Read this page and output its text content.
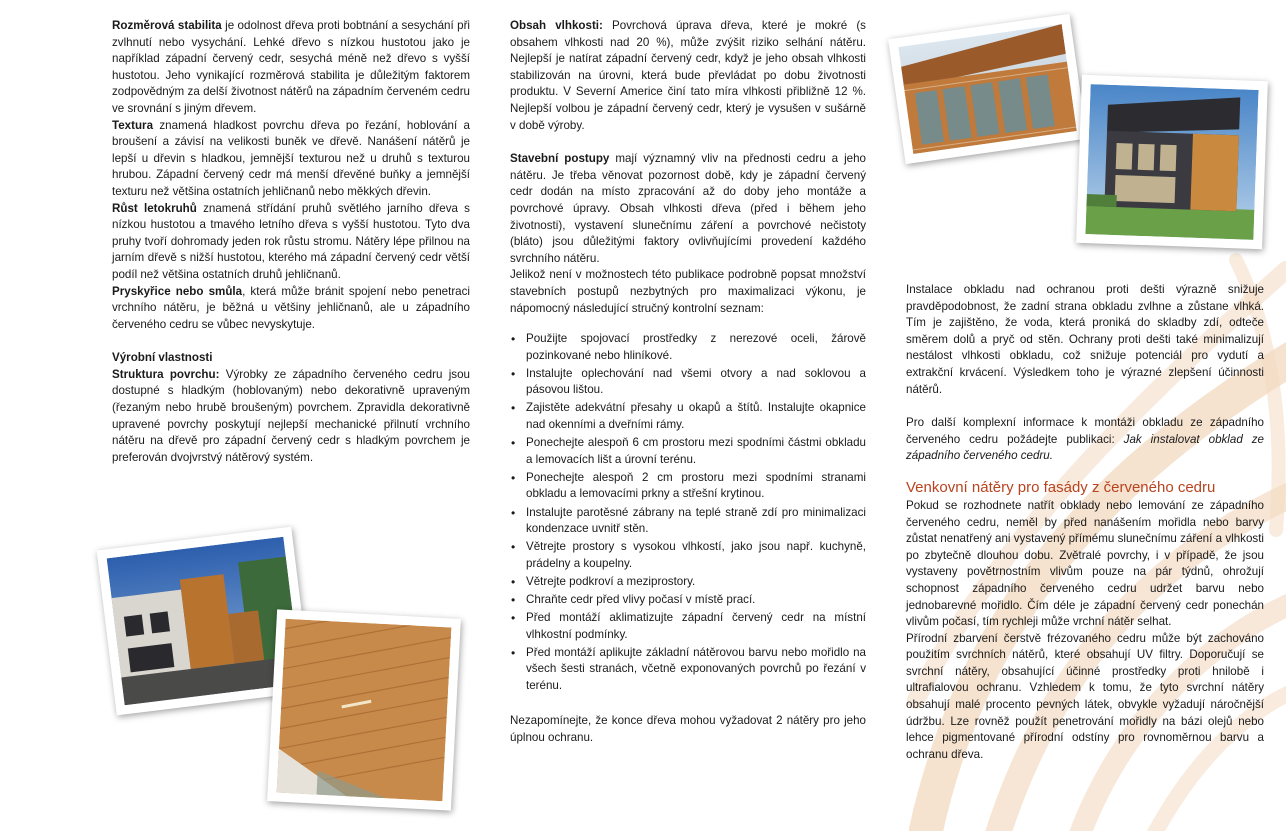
Rozměrová stabilita je odolnost dřeva proti bobtnání a sesychání při zvlhnutí nebo vysychání. Lehké dřevo s nízkou hustotou jako je například západní červený cedr, sesychá méně než dřevo s vyšší hustotou. Jeho vynikající rozměrová stabilita je důležitým faktorem zodpovědným za delší životnost nátěrů na západním červeném cedru ve srovnání s jiným dřevem.

Textura znamená hladkost povrchu dřeva po řezání, hoblování a broušení a závisí na velikosti buněk ve dřevě. Nanášení nátěrů je lepší u dřevin s hladkou, jemnější texturou než u druhů s texturou hrubou. Západní červený cedr má menší dřevěné buňky a jemnější texturu než většina ostatních jehličnanů nebo měkkých dřevin.

Růst letokruhů znamená střídání pruhů světlého jarního dřeva s nízkou hustotou a tmavého letního dřeva s vyšší hustotou. Tyto dva pruhy tvoří dohromady jeden rok růstu stromu. Nátěry lépe přilnou na jarním dřevě s nižší hustotou, kterého má západní červený cedr větší podíl než většina ostatních druhů jehličnanů.

Pryskyřice nebo smůla, která může bránit spojení nebo penetraci vrchního nátěru, je běžná u většiny jehličnanů, ale u západního červeného cedru se vůbec nevyskytuje.

Výrobní vlastnosti

Struktura povrchu: Výrobky ze západního červeného cedru jsou dostupné s hladkým (hoblovaným) nebo dekorativně upraveným (řezaným nebo hrubě broušeným) povrchem. Zpravidla dekorativně upravené povrchy poskytují nejlepší mechanické přilnutí vrchního nátěru na dřevě pro západní červený cedr s hladkým povrchem je preferován dvojvrstvý nátěrový systém.

Obsah vlhkosti: Povrchová úprava dřeva, které je mokré (s obsahem vlhkosti nad 20 %), může zvýšit riziko selhání nátěru. Nejlepší je natírat západní červený cedr, když je jeho obsah vlhkosti stabilizován na úrovni, která bude převládat po dobu životnosti produktu. V Severní Americe činí tato míra vlhkosti přibližně 12 %. Nejlepší volbou je západní červený cedr, který je vysušen v sušárně v době výroby.

Stavební postupy mají významný vliv na přednosti cedru a jeho nátěru. Je třeba věnovat pozornost době, kdy je západní červený cedr dodán na místo zpracování až do doby jeho montáže a povrchové úpravy. Obsah vlhkosti dřeva (před i během jeho životnosti), vystavení slunečnímu záření a povrchové nečistoty (bláto) jsou důležitými faktory ovlivňujícími provedení každého svrchního nátěru.

Jelikož není v možnostech této publikace podrobně popsat množství stavebních postupů nezbytných pro maximalizaci výkonu, je nápomocný následující stručný kontrolní seznam:

• Použijte spojovací prostředky z nerezové oceli, žárově pozinkované nebo hliníkové.
• Instalujte oplechování nad všemi otvory a nad soklovou a pásovou lištou.
• Zajistěte adekvátní přesahy u okapů a štítů. Instalujte okapnice nad okenními a dveřními rámy.
• Ponechejte alespoň 6 cm prostoru mezi spodními částmi obkladu a lemovacích lišt a úrovní terénu.
• Ponechejte alespoň 2 cm prostoru mezi spodními stranami obkladu a lemovacími prkny a střešní krytinou.
• Instalujte parotěsné zábrany na teplé straně zdí pro minimalizaci kondenzace uvnitř stěn.
• Větrejte prostory s vysokou vlhkostí, jako jsou např. kuchyně, prádelny a koupelny.
• Větrejte podkroví a meziprostory.
• Chraňte cedr před vlivy počasí v místě prací.
• Před montáží aklimatizujte západní červený cedr na místní vlhkostní podmínky.
• Před montáží aplikujte základní nátěrovou barvu nebo mořidlo na všech šesti stranách, včetně exponovaných povrchů po řezání v terénu.

Nezapomínejte, že konce dřeva mohou vyžadovat 2 nátěry pro jeho úplnou ochranu.

Instalace obkladu nad ochranou proti dešti výrazně snižuje pravděpodobnost, že zadní strana obkladu zvlhne a zůstane vlhká. Tím je zajištěno, že voda, která proniká do skladby zdí, odteče směrem dolů a pryč od stěn. Ochrany proti dešti také minimalizují nestálost vlhkosti obkladu, což snižuje potenciál pro vydutí a extrakční krvácení. Výsledkem toho je výrazné zlepšení účinnosti nátěrů.

Pro další komplexní informace k montáži obkladu ze západního červeného cedru požádejte publikaci: Jak instalovat obklad ze západního červeného cedru.

Venkovní nátěry pro fasády z červeného cedru

Pokud se rozhodnete natřít obklady nebo lemování ze západního červeného cedru, neměl by před nanášením mořidla nebo barvy zůstat nenatřený ani vystavený přímému slunečnímu záření a vlhkosti po zbytečně dlouhou dobu. Zvětralé povrchy, i v případě, že jsou vystaveny povětrnostním vlivům pouze na pár týdnů, ohrožují schopnost západního červeného cedru udržet barvu nebo jednobarevné mořidlo. Čím déle je západní červený cedr ponechán vlivům počasí, tím rychleji může vrchní nátěr selhat.

Přírodní zbarvení čerstvě frézovaného cedru může být zachováno použitím svrchních nátěrů, které obsahují UV filtry. Doporučují se svrchní nátěry, obsahující účinné prostředky proti hnilobě i ultrafialovou ochranu. Vzhledem k tomu, že tyto svrchní nátěry obsahují malé procento pevných látek, obvykle vyžadují náročnější údržbu. Lze rovněž použít penetrování mořidly na bázi olejů nebo lehce pigmentované přírodní odstíny pro rovnoměrnou barvu a ochranu dřeva.
